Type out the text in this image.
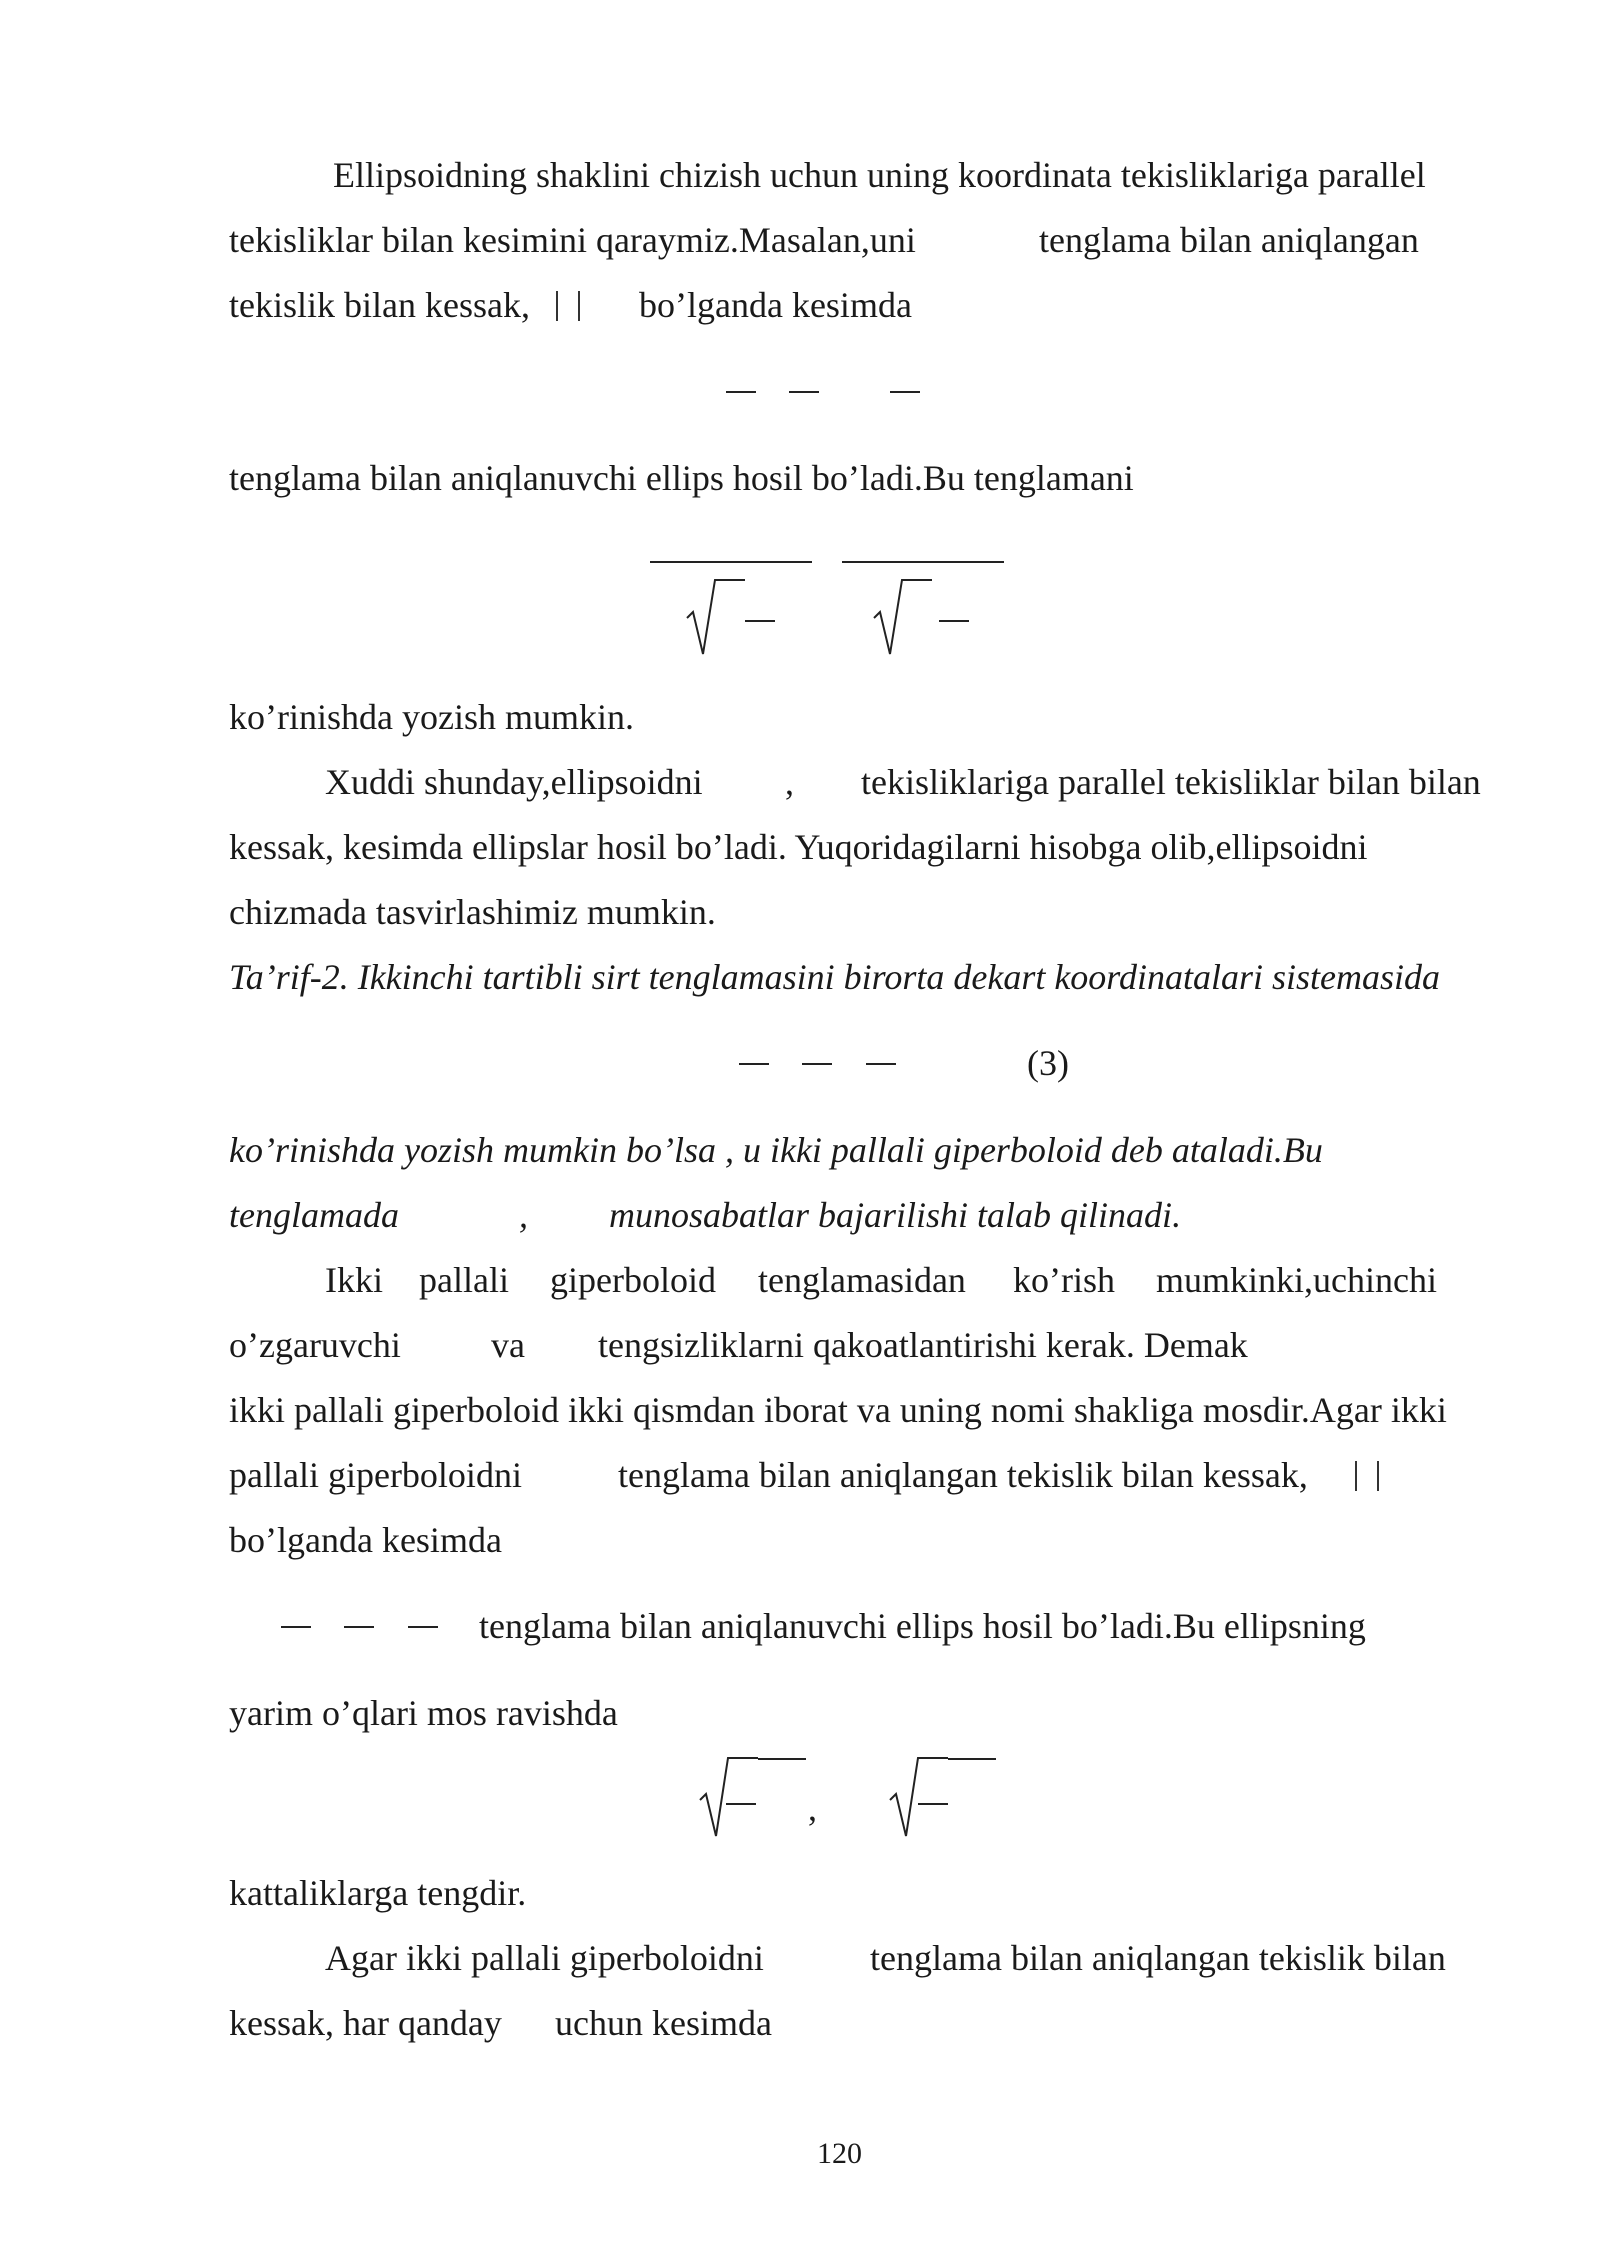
Ellipsoidning shaklini chizish uchun uning koordinata tekisliklariga parallel
tekisliklar bilan kesimini qaraymiz.Masalan,uni	tenglama bilan aniqlangan
tekislik bilan kessak,	bo’lganda kesimda
tenglama bilan aniqlanuvchi ellips hosil bo’ladi.Bu tenglamani
ko’rinishda yozish mumkin.
Xuddi shunday,ellipsoidni , tekisliklariga parallel tekisliklar bilan bilan
kessak, kesimda ellipslar hosil bo’ladi. Yuqoridagilarni hisobga olib,ellipsoidni
chizmada tasvirlashimiz mumkin.
Ta’rif-2. Ikkinchi tartibli sirt tenglamasini birorta dekart koordinatalari sistemasida
(3)
ko’rinishda yozish mumkin bo’lsa , u ikki pallali giperboloid deb ataladi.Bu
tenglamada	, munosabatlar bajarilishi talab qilinadi.
Ikki pallali giperboloid tenglamasidan ko’rish mumkinki,uchinchi
o’zgaruvchi	va tengsizliklarni qakoatlantirishi kerak. Demak
ikki pallali giperboloid ikki qismdan iborat va uning nomi shakliga mosdir.Agar ikki
pallali giperboloidni	tenglama bilan aniqlangan tekislik bilan kessak,
bo’lganda kesimda
tenglama bilan aniqlanuvchi ellips hosil bo’ladi.Bu ellipsning
yarim o’qlari mos ravishda
,
kattaliklarga tengdir.
Agar ikki pallali giperboloidni	tenglama bilan aniqlangan tekislik bilan
kessak, har qanday uchun kesimda
120
